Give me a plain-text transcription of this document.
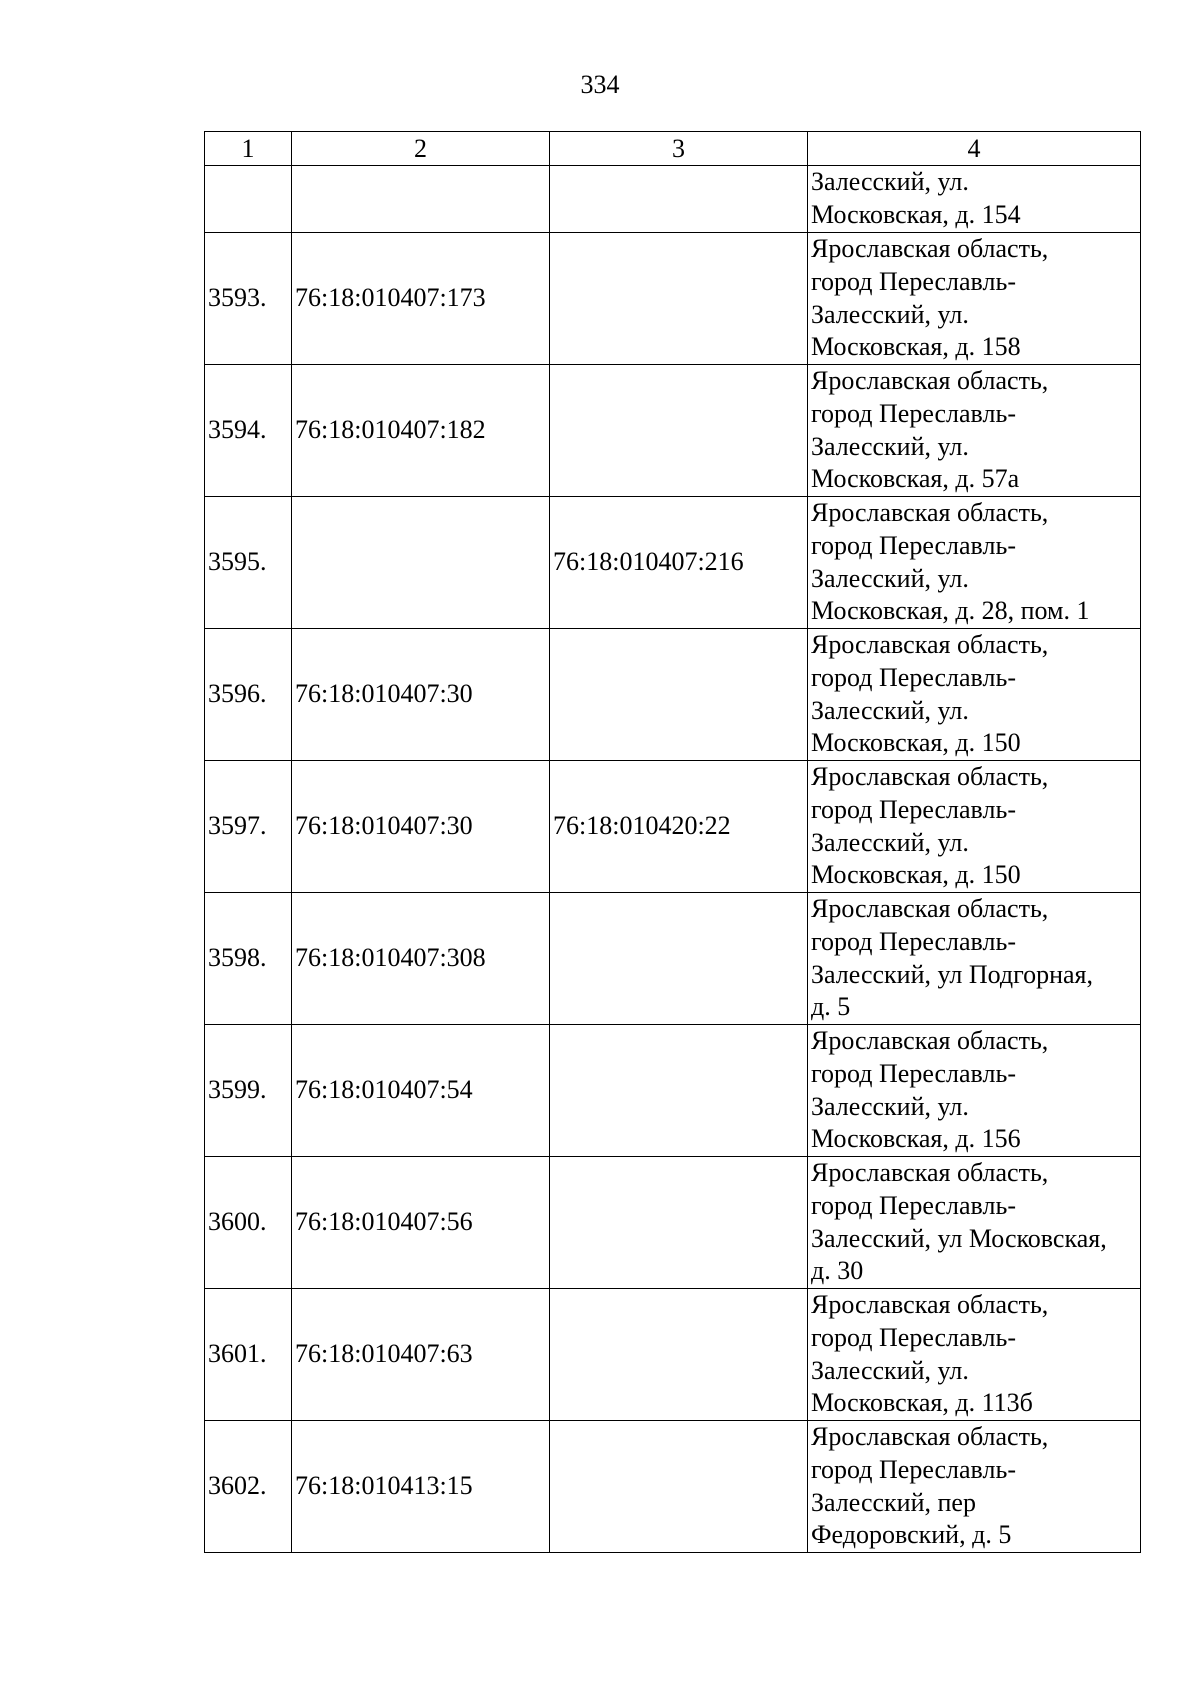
334
1	2	3	4

			Залесский, ул.
Московская, д. 154

3593.	76:18:010407:173		Ярославская область,
город Переславль-
Залесский, ул.
Московская, д. 158

3594.	76:18:010407:182		Ярославская область,
город Переславль-
Залесский, ул.
Московская, д. 57а

3595.		76:18:010407:216	Ярославская область,
город Переславль-
Залесский, ул.
Московская, д. 28, пом. 1

3596.	76:18:010407:30		Ярославская область,
город Переславль-
Залесский, ул.
Московская, д. 150

3597.	76:18:010407:30	76:18:010420:22	Ярославская область,
город Переславль-
Залесский, ул.
Московская, д. 150

3598.	76:18:010407:308		Ярославская область,
город Переславль-
Залесский, ул Подгорная,
д. 5

3599.	76:18:010407:54		Ярославская область,
город Переславль-
Залесский, ул.
Московская, д. 156

3600.	76:18:010407:56		Ярославская область,
город Переславль-
Залесский, ул Московская,
д. 30

3601.	76:18:010407:63		Ярославская область,
город Переславль-
Залесский, ул.
Московская, д. 113б

3602.	76:18:010413:15		Ярославская область,
город Переславль-
Залесский, пер
Федоровский, д. 5
